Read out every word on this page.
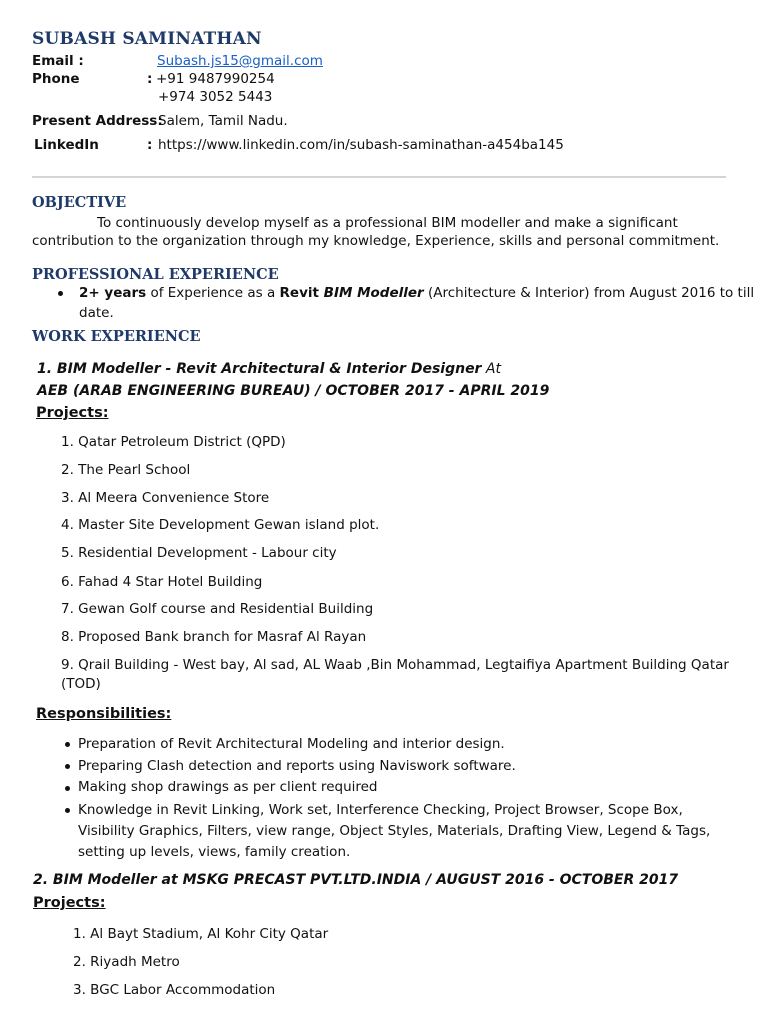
SUBASH SAMINATHAN
Email :	Subash.js15@gmail.com
Phone	: +91 9487990254
+974 3052 5443
Present Address:
Salem, Tamil Nadu.
LinkedIn	: https://www.linkedin.com/in/subash-saminathan-a454ba145
OBJECTIVE
To continuously develop myself as a professional BIM modeller and make a significant
contribution to the organization through my knowledge, Experience, skills and personal commitment.
PROFESSIONAL EXPERIENCE
2+ years of Experience as a Revit BIM Modeller (Architecture & Interior) from August 2016 to till
date.
WORK EXPERIENCE
1. BIM Modeller - Revit Architectural & Interior Designer At
AEB (ARAB ENGINEERING BUREAU) / OCTOBER 2017 - APRIL 2019
Projects:
1. Qatar Petroleum District (QPD)
2. The Pearl School
3. Al Meera Convenience Store
4. Master Site Development Gewan island plot.
5. Residential Development - Labour city
6. Fahad 4 Star Hotel Building
7. Gewan Golf course and Residential Building
8. Proposed Bank branch for Masraf Al Rayan
9. Qrail Building - West bay, Al sad, AL Waab ,Bin Mohammad, Legtaifiya Apartment Building Qatar
(TOD)
Responsibilities:
Preparation of Revit Architectural Modeling and interior design.
Preparing Clash detection and reports using Naviswork software.
Making shop drawings as per client required
Knowledge in Revit Linking, Work set, Interference Checking, Project Browser, Scope Box, Visibility Graphics, Filters, view range, Object Styles, Materials, Drafting View, Legend & Tags, setting up levels, views, family creation.
2. BIM Modeller at MSKG PRECAST PVT.LTD.INDIA / AUGUST 2016 - OCTOBER 2017
Projects:
1. Al Bayt Stadium, Al Kohr City Qatar
2. Riyadh Metro
3. BGC Labor Accommodation
